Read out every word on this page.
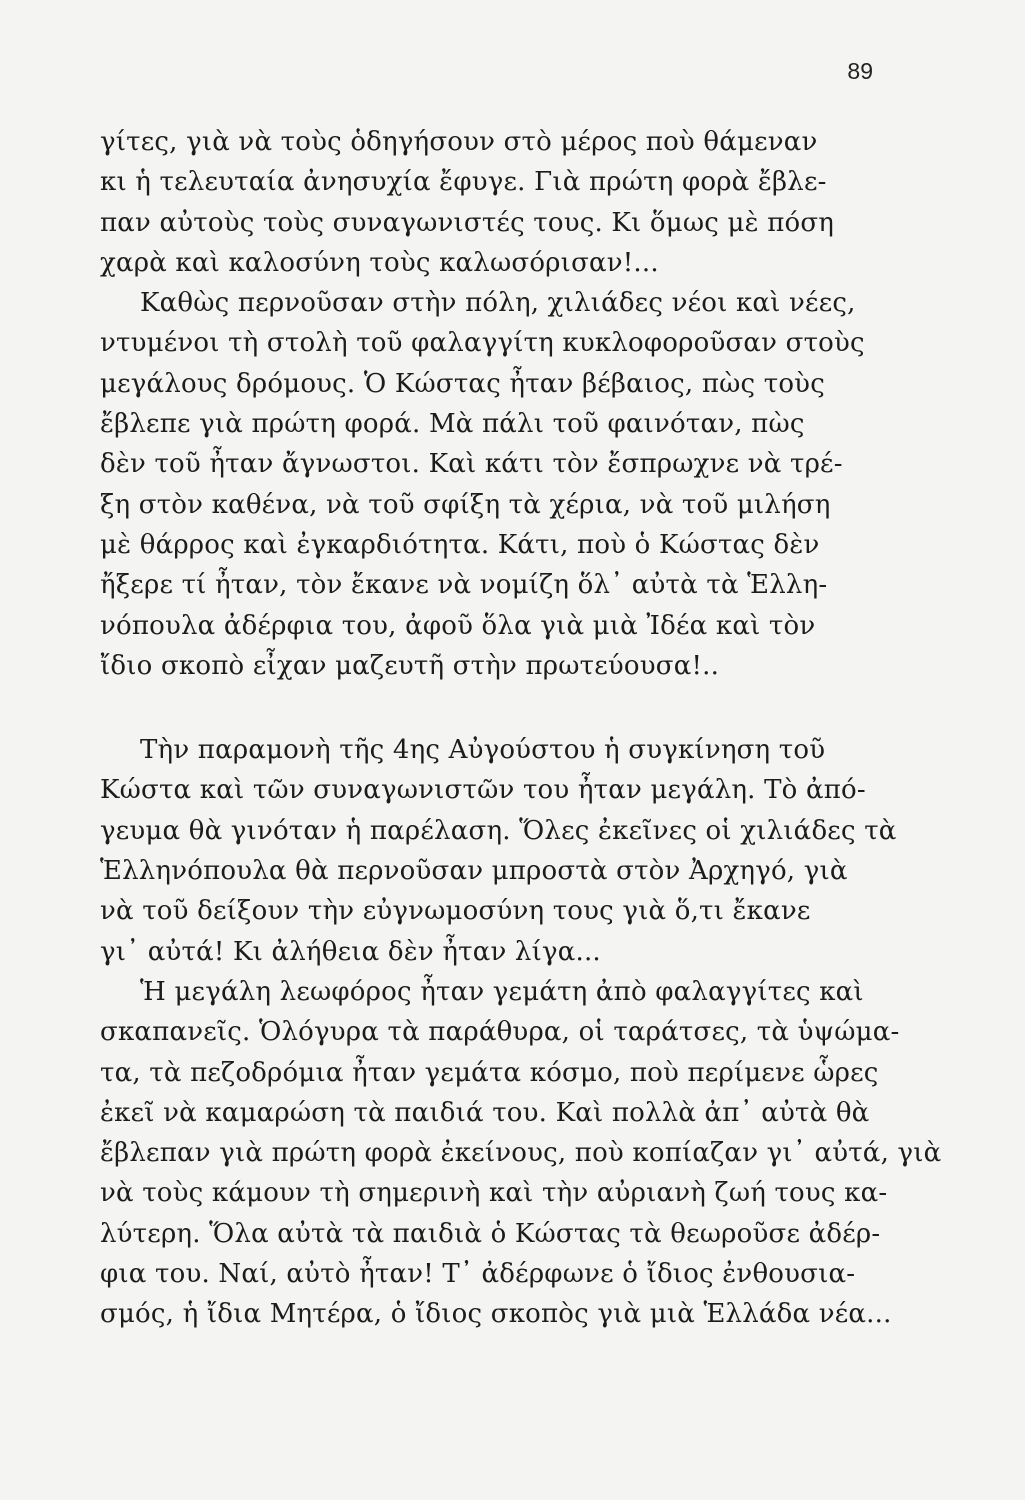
89
γίτες, γιὰ νὰ τοὺς ὁδηγήσουν στὸ μέρος ποὺ θάμεναν
κι ἡ τελευταία ἀνησυχία ἔφυγε. Γιὰ πρώτη φορὰ ἔβλε-
παν αὐτοὺς τοὺς συναγωνιστές τους. Κι ὅμως μὲ πόση
χαρὰ καὶ καλοσύνη τοὺς καλωσόρισαν!...
Καθὼς περνοῦσαν στὴν πόλη, χιλιάδες νέοι καὶ νέες,
ντυμένοι τὴ στολὴ τοῦ φαλαγγίτη κυκλοφοροῦσαν στοὺς
μεγάλους δρόμους. Ὁ Κώστας ἦταν βέβαιος, πὼς τοὺς
ἔβλεπε γιὰ πρώτη φορά. Μὰ πάλι τοῦ φαινόταν, πὼς
δὲν τοῦ ἦταν ἄγνωστοι. Καὶ κάτι τὸν ἔσπρωχνε νὰ τρέ-
ξη στὸν καθένα, νὰ τοῦ σφίξη τὰ χέρια, νὰ τοῦ μιλήση
μὲ θάρρος καὶ ἐγκαρδιότητα. Κάτι, ποὺ ὁ Κώστας δὲν
ἤξερε τί ἦταν, τὸν ἔκανε νὰ νομίζη ὅλ᾽ αὐτὰ τὰ Ἑλλη-
νόπουλα ἀδέρφια του, ἀφοῦ ὅλα γιὰ μιὰ Ἰδέα καὶ τὸν
ἴδιο σκοπὸ εἶχαν μαζευτῆ στὴν πρωτεύουσα!..
Τὴν παραμονὴ τῆς 4ης Αὐγούστου ἡ συγκίνηση τοῦ
Κώστα καὶ τῶν συναγωνιστῶν του ἦταν μεγάλη. Τὸ ἀπό-
γευμα θὰ γινόταν ἡ παρέλαση. Ὅλες ἐκεῖνες οἱ χιλιάδες τὰ
Ἑλληνόπουλα θὰ περνοῦσαν μπροστὰ στὸν Ἀρχηγό, γιὰ
νὰ τοῦ δείξουν τὴν εὐγνωμοσύνη τους γιὰ ὅ,τι ἔκανε
γι᾽ αὐτά! Κι ἀλήθεια δὲν ἦταν λίγα...
Ἡ μεγάλη λεωφόρος ἦταν γεμάτη ἀπὸ φαλαγγίτες καὶ
σκαπανεῖς. Ὁλόγυρα τὰ παράθυρα, οἱ ταράτσες, τὰ ὑψώμα-
τα, τὰ πεζοδρόμια ἦταν γεμάτα κόσμο, ποὺ περίμενε ὧρες
ἐκεῖ νὰ καμαρώση τὰ παιδιά του. Καὶ πολλὰ ἀπ᾽ αὐτὰ θὰ
ἔβλεπαν γιὰ πρώτη φορὰ ἐκείνους, ποὺ κοπίαζαν γι᾽ αὐτά, γιὰ
νὰ τοὺς κάμουν τὴ σημερινὴ καὶ τὴν αὐριανὴ ζωή τους κα-
λύτερη. Ὅλα αὐτὰ τὰ παιδιὰ ὁ Κώστας τὰ θεωροῦσε ἀδέρ-
φια του. Ναί, αὐτὸ ἦταν! Τ᾽ ἀδέρφωνε ὁ ἴδιος ἐνθουσια-
σμός, ἡ ἴδια Μητέρα, ὁ ἴδιος σκοπὸς γιὰ μιὰ Ἑλλάδα νέα...
